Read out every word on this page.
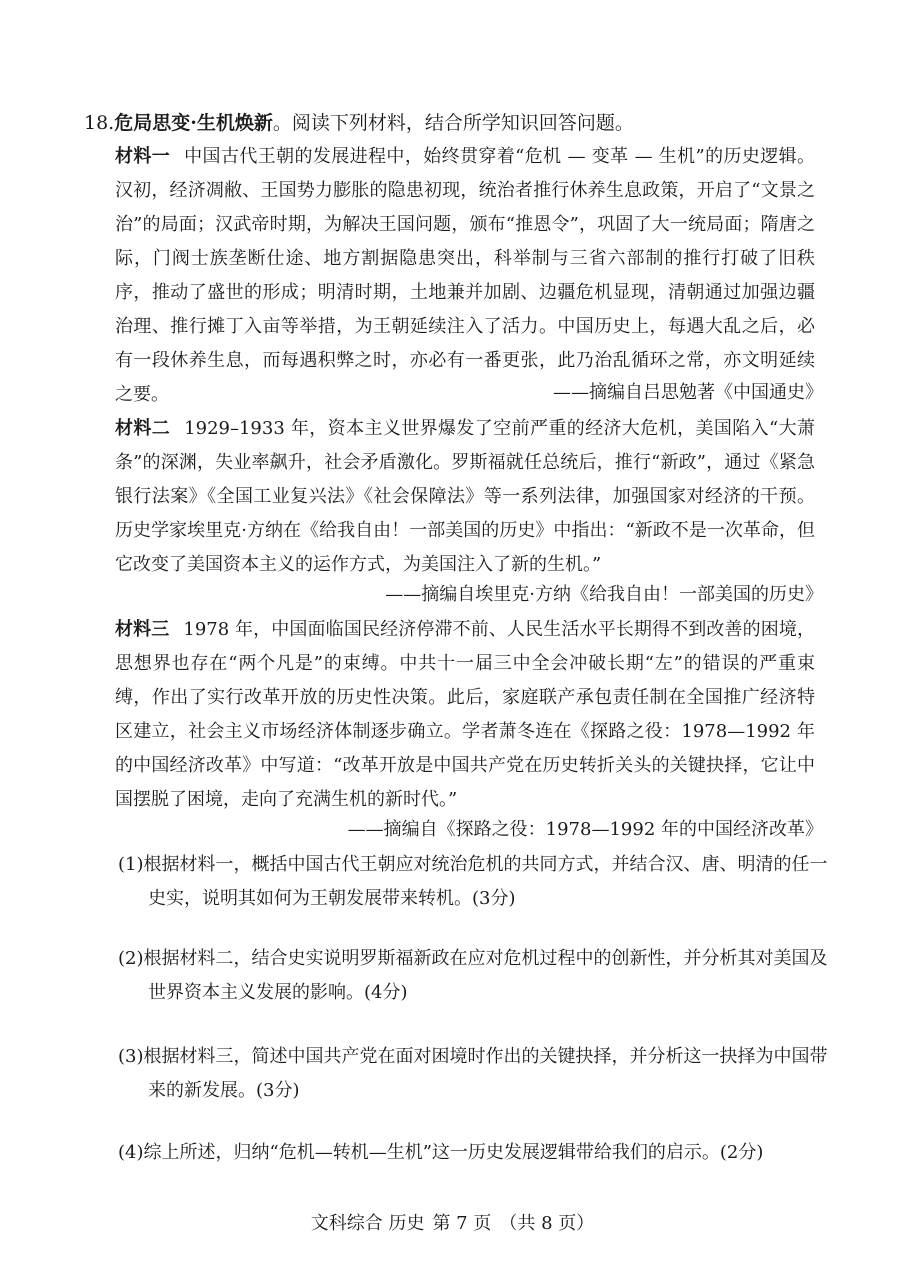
18.危局思变·生机焕新。阅读下列材料，结合所学知识回答问题。
材料一 中国古代王朝的发展进程中，始终贯穿着“危机 — 变革 — 生机”的历史逻辑。汉初，经济凋敝、王国势力膨胀的隐患初现，统治者推行休养生息政策，开启了“文景之治”的局面；汉武帝时期，为解决王国问题，颁布“推恩令”，巩固了大一统局面；隋唐之际，门阀士族垄断仕途、地方割据隐患突出，科举制与三省六部制的推行打破了旧秩序，推动了盛世的形成；明清时期，土地兼并加剧、边疆危机显现，清朝通过加强边疆治理、推行摊丁入亩等举措，为王朝延续注入了活力。中国历史上，每遇大乱之后，必有一段休养生息，而每遇积弊之时，亦必有一番更张，此乃治乱循环之常，亦文明延续之要。	——摘编自吕思勉著《中国通史》
材料二 1929–1933 年，资本主义世界爆发了空前严重的经济大危机，美国陷入“大萧条”的深渊，失业率飙升，社会矛盾激化。罗斯福就任总统后，推行“新政”，通过《紧急银行法案》《全国工业复兴法》《社会保障法》等一系列法律，加强国家对经济的干预。历史学家埃里克·方纳在《给我自由！一部美国的历史》中指出：“新政不是一次革命，但它改变了美国资本主义的运作方式，为美国注入了新的生机。”
——摘编自埃里克·方纳《给我自由！一部美国的历史》
材料三 1978 年，中国面临国民经济停滞不前、人民生活水平长期得不到改善的困境，思想界也存在“两个凡是”的束缚。中共十一届三中全会冲破长期“左”的错误的严重束缚，作出了实行改革开放的历史性决策。此后，家庭联产承包责任制在全国推广经济特区建立，社会主义市场经济体制逐步确立。学者萧冬连在《探路之役：1978—1992 年的中国经济改革》中写道：“改革开放是中国共产党在历史转折关头的关键抉择，它让中国摆脱了困境，走向了充满生机的新时代。”
——摘编自《探路之役：1978—1992 年的中国经济改革》
(1)根据材料一，概括中国古代王朝应对统治危机的共同方式，并结合汉、唐、明清的任一史实，说明其如何为王朝发展带来转机。(3分)
(2)根据材料二，结合史实说明罗斯福新政在应对危机过程中的创新性，并分析其对美国及世界资本主义发展的影响。(4分)
(3)根据材料三，简述中国共产党在面对困境时作出的关键抉择，并分析这一抉择为中国带来的新发展。(3分)
(4)综上所述，归纳“危机—转机—生机”这一历史发展逻辑带给我们的启示。(2分)
文科综合 历史 第 7 页 （共 8 页）
